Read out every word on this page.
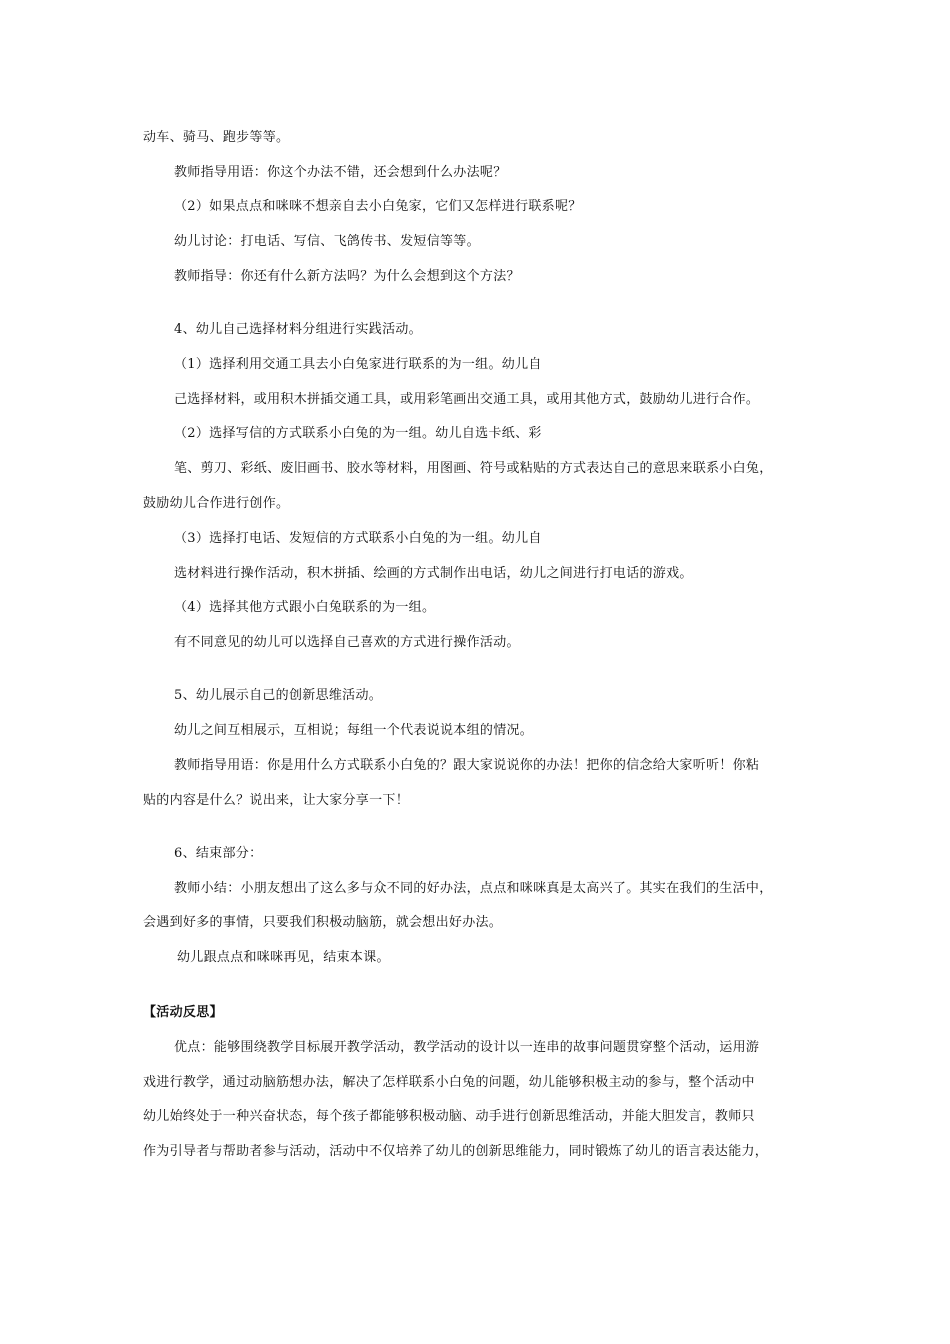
动车、骑马、跑步等等。
教师指导用语：你这个办法不错，还会想到什么办法呢？
（2）如果点点和咪咪不想亲自去小白兔家，它们又怎样进行联系呢？
幼儿讨论：打电话、写信、飞鸽传书、发短信等等。
教师指导：你还有什么新方法吗？为什么会想到这个方法？
4、幼儿自己选择材料分组进行实践活动。
（1）选择利用交通工具去小白兔家进行联系的为一组。幼儿自
己选择材料，或用积木拼插交通工具，或用彩笔画出交通工具，或用其他方式，鼓励幼儿进行合作。
（2）选择写信的方式联系小白兔的为一组。幼儿自选卡纸、彩
笔、剪刀、彩纸、废旧画书、胶水等材料，用图画、符号或粘贴的方式表达自己的意思来联系小白兔，
鼓励幼儿合作进行创作。
（3）选择打电话、发短信的方式联系小白兔的为一组。幼儿自
选材料进行操作活动，积木拼插、绘画的方式制作出电话，幼儿之间进行打电话的游戏。
（4）选择其他方式跟小白兔联系的为一组。
有不同意见的幼儿可以选择自己喜欢的方式进行操作活动。
5、幼儿展示自己的创新思维活动。
幼儿之间互相展示，互相说；每组一个代表说说本组的情况。
教师指导用语：你是用什么方式联系小白兔的？跟大家说说你的办法！把你的信念给大家听听！你粘
贴的内容是什么？说出来，让大家分享一下！
6、结束部分：
教师小结：小朋友想出了这么多与众不同的好办法，点点和咪咪真是太高兴了。其实在我们的生活中，
会遇到好多的事情，只要我们积极动脑筋，就会想出好办法。
幼儿跟点点和咪咪再见，结束本课。
【活动反思】
优点：能够围绕教学目标展开教学活动，教学活动的设计以一连串的故事问题贯穿整个活动，运用游
戏进行教学，通过动脑筋想办法，解决了怎样联系小白兔的问题，幼儿能够积极主动的参与，整个活动中
幼儿始终处于一种兴奋状态，每个孩子都能够积极动脑、动手进行创新思维活动，并能大胆发言，教师只
作为引导者与帮助者参与活动，活动中不仅培养了幼儿的创新思维能力，同时锻炼了幼儿的语言表达能力，
